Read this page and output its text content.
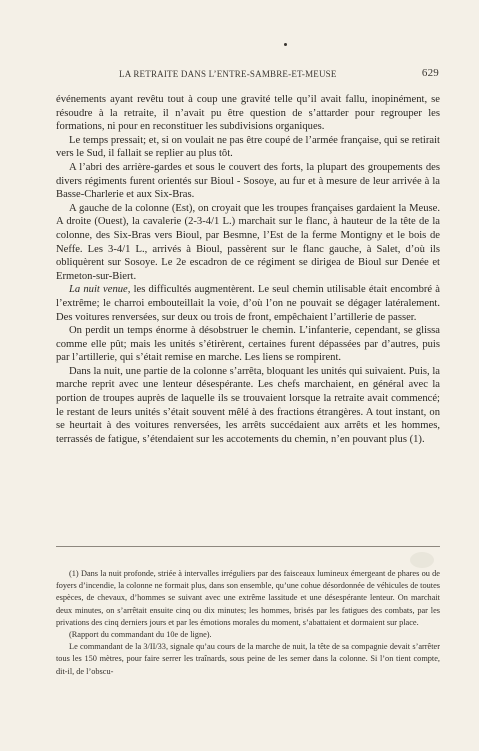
LA RETRAITE DANS L’ENTRE-SAMBRE-ET-MEUSE	629

événements ayant revêtu tout à coup une gravité telle qu’il avait fallu, inopinément, se résoudre à la retraite, il n’avait pu être question de s’attarder pour regrouper les formations, ni pour en reconstituer les subdivisions organiques.

Le temps pressait; et, si on voulait ne pas être coupé de l’armée française, qui se retirait vers le Sud, il fallait se replier au plus tôt.

A l’abri des arrière-gardes et sous le couvert des forts, la plupart des groupements des divers régiments furent orientés sur Bioul - Sosoye, au fur et à mesure de leur arrivée à la Basse-Charlerie et aux Six-Bras.

A gauche de la colonne (Est), on croyait que les troupes françaises gardaient la Meuse. A droite (Ouest), la cavalerie (2-3-4/1 L.) marchait sur le flanc, à hauteur de la tête de la colonne, des Six-Bras vers Bioul, par Besmne, l’Est de la ferme Montigny et le bois de Neffe. Les 3-4/1 L., arrivés à Bioul, passèrent sur le flanc gauche, à Salet, d’où ils obliquèrent sur Sosoye. Le 2e escadron de ce régiment se dirigea de Bioul sur Denée et Ermeton-sur-Biert.

La nuit venue, les difficultés augmentèrent. Le seul chemin utilisable était encombré à l’extrême; le charroi embouteillait la voie, d’où l’on ne pouvait se dégager latéralement. Des voitures renversées, sur deux ou trois de front, empêchaient l’artillerie de passer.

On perdit un temps énorme à désobstruer le chemin. L’infanterie, cependant, se glissa comme elle pût; mais les unités s’étirèrent, certaines furent dépassées par d’autres, puis par l’artillerie, qui s’était remise en marche. Les liens se rompirent.

Dans la nuit, une partie de la colonne s’arrêta, bloquant les unités qui suivaient. Puis, la marche reprit avec une lenteur désespérante. Les chefs marchaient, en général avec la portion de troupes auprès de laquelle ils se trouvaient lorsque la retraite avait commencé; le restant de leurs unités s’était souvent mêlé à des fractions étrangères. A tout instant, on se heurtait à des voitures renversées, les arrêts succédaient aux arrêts et les hommes, terrassés de fatigue, s’étendaient sur les accotements du chemin, n’en pouvant plus (1).

(1) Dans la nuit profonde, striée à intervalles irréguliers par des faisceaux lumineux émergeant de phares ou de foyers d’incendie, la colonne ne formait plus, dans son ensemble, qu’une cohue désordonnée de véhicules de toutes espèces, de chevaux, d’hommes se suivant avec une extrême lassitude et une désespérante lenteur. On marchait deux minutes, on s’arrêtait ensuite cinq ou dix minutes; les hommes, brisés par les fatigues des combats, par les privations des cinq derniers jours et par les émotions morales du moment, s’abattaient et dormaient sur place.

(Rapport du commandant du 10e de ligne).

Le commandant de la 3/II/33, signale qu’au cours de la marche de nuit, la tête de sa compagnie devait s’arrêter tous les 150 mètres, pour faire serrer les traînards, sous peine de les semer dans la colonne. Si l’on tient compte, dit-il, de l’obscu-
